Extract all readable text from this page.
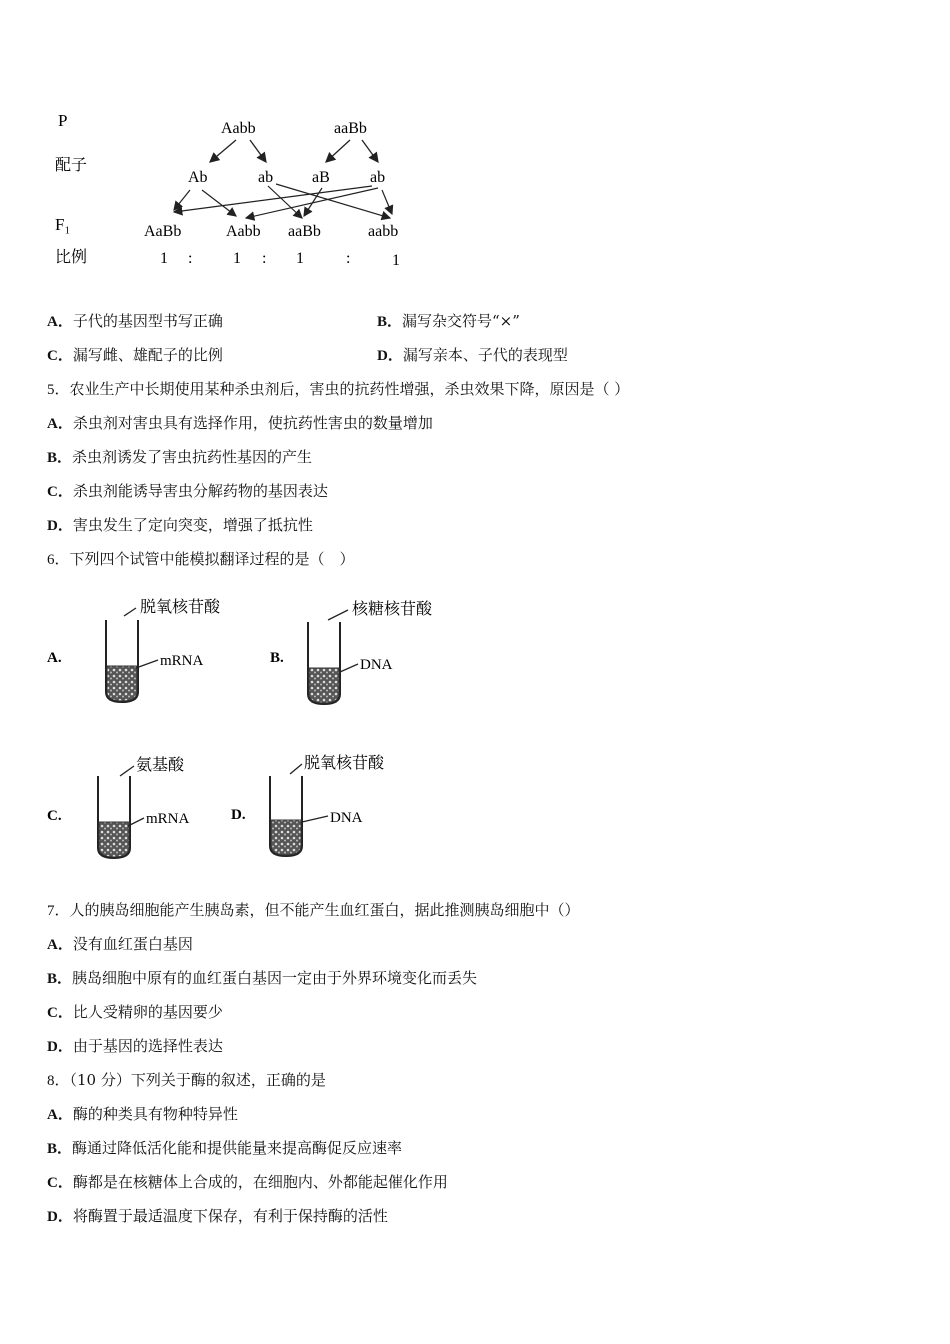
P
配子
F₁
比例
Aabb	aaBb
Ab	ab aB	ab
AaBb	Aabb aaBb	aabb
1 :	1 : 1	:	1
A．子代的基因型书写正确	B．漏写杂交符号“×”
C．漏写雌、雄配子的比例	D．漏写亲本、子代的表现型
5．农业生产中长期使用某种杀虫剂后，害虫的抗药性增强，杀虫效果下降，原因是（ ）
A．杀虫剂对害虫具有选择作用，使抗药性害虫的数量增加
B．杀虫剂诱发了害虫抗药性基因的产生
C．杀虫剂能诱导害虫分解药物的基因表达
D．害虫发生了定向突变，增强了抵抗性
6．下列四个试管中能模拟翻译过程的是（　）
A.
脱氧核苷酸
mRNA	B.
核糖核苷酸
DNA
C.
氨基酸
mRNA	D.
脱氧核苷酸
DNA
7．人的胰岛细胞能产生胰岛素，但不能产生血红蛋白，据此推测胰岛细胞中（）
A．没有血红蛋白基因
B．胰岛细胞中原有的血红蛋白基因一定由于外界环境变化而丢失
C．比人受精卵的基因要少
D．由于基因的选择性表达
8．（10 分）下列关于酶的叙述，正确的是
A．酶的种类具有物种特异性
B．酶通过降低活化能和提供能量来提高酶促反应速率
C．酶都是在核糖体上合成的，在细胞内、外都能起催化作用
D．将酶置于最适温度下保存，有利于保持酶的活性
